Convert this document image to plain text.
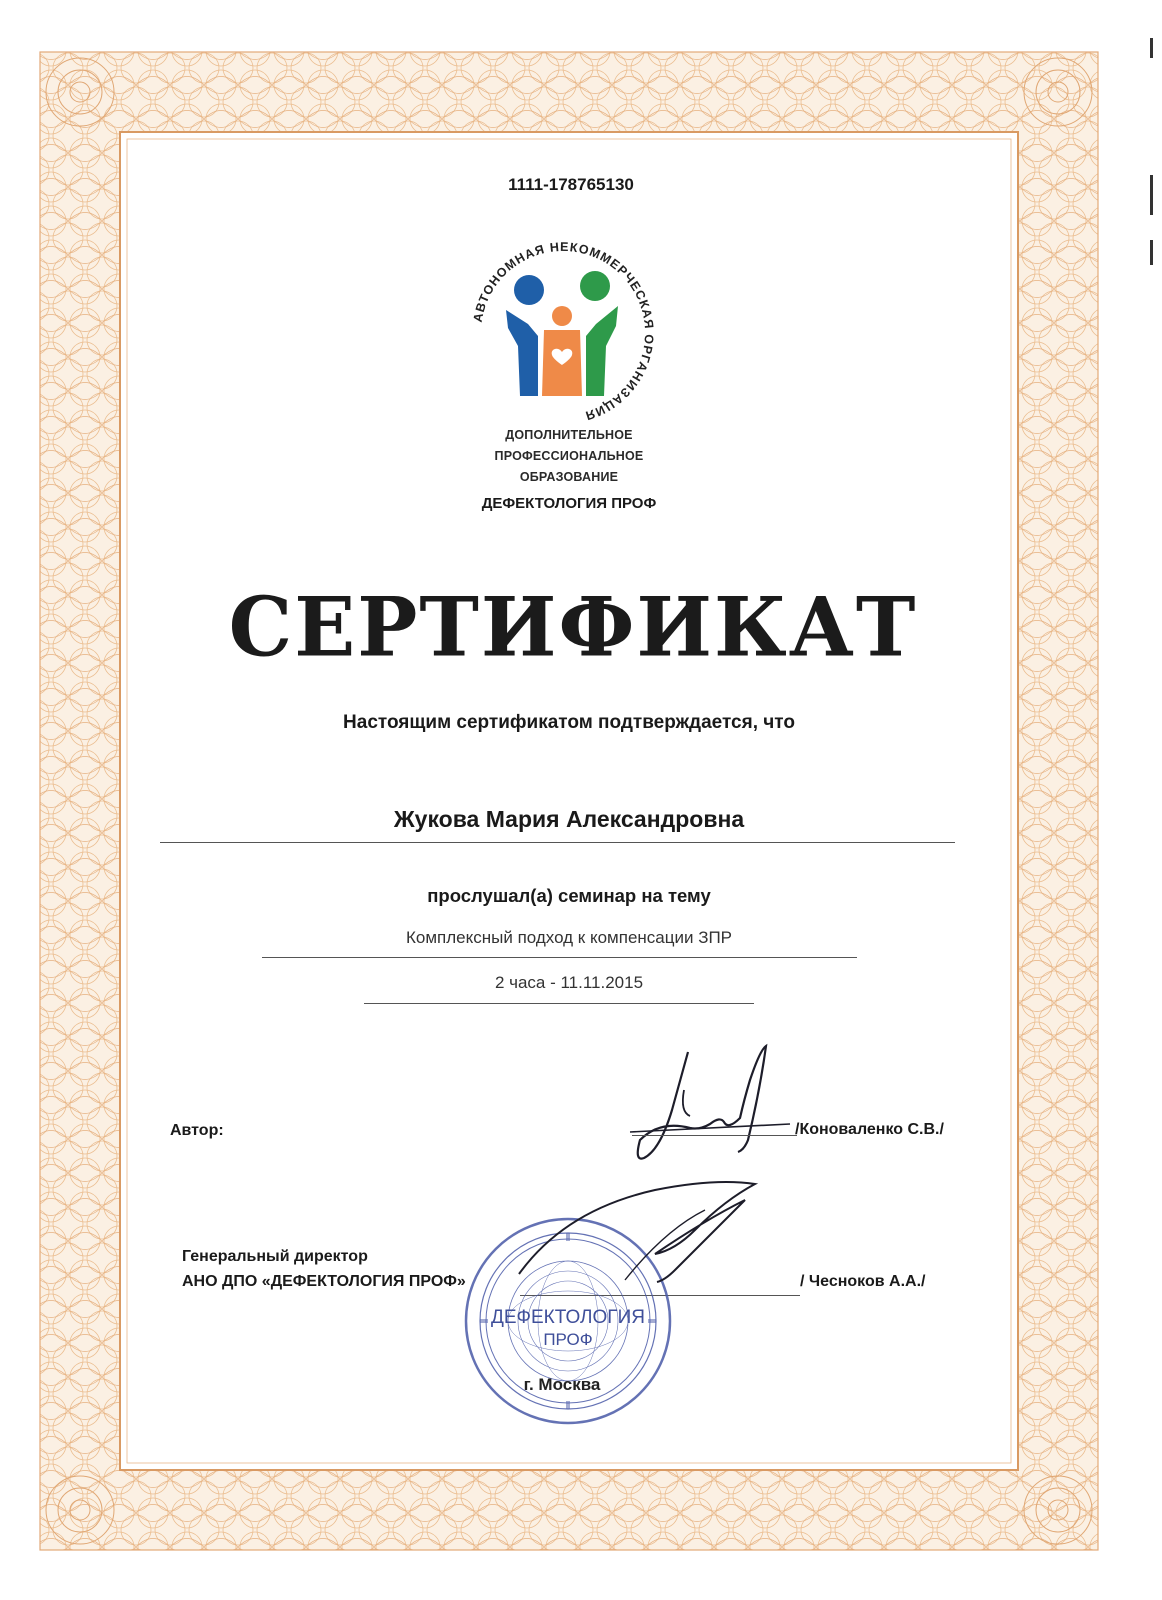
1111-178765130
АВТОНОМНАЯ НЕКОММЕРЧЕСКАЯ ОРГАНИЗАЦИЯ
ДОПОЛНИТЕЛЬНОЕ
ПРОФЕССИОНАЛЬНОЕ
ОБРАЗОВАНИЕ
ДЕФЕКТОЛОГИЯ ПРОФ
СЕРТИФИКАТ
Настоящим сертификатом подтверждается, что
Жукова Мария Александровна
прослушал(а) семинар на тему
Комплексный подход к компенсации ЗПР
2 часа - 11.11.2015
Автор:	/Коноваленко С.В./
Генеральный директор
АНО ДПО «ДЕФЕКТОЛОГИЯ ПРОФ»	/ Чесноков А.А./
ДЕФЕКТОЛОГИЯ
ПРОФ
г. Москва
